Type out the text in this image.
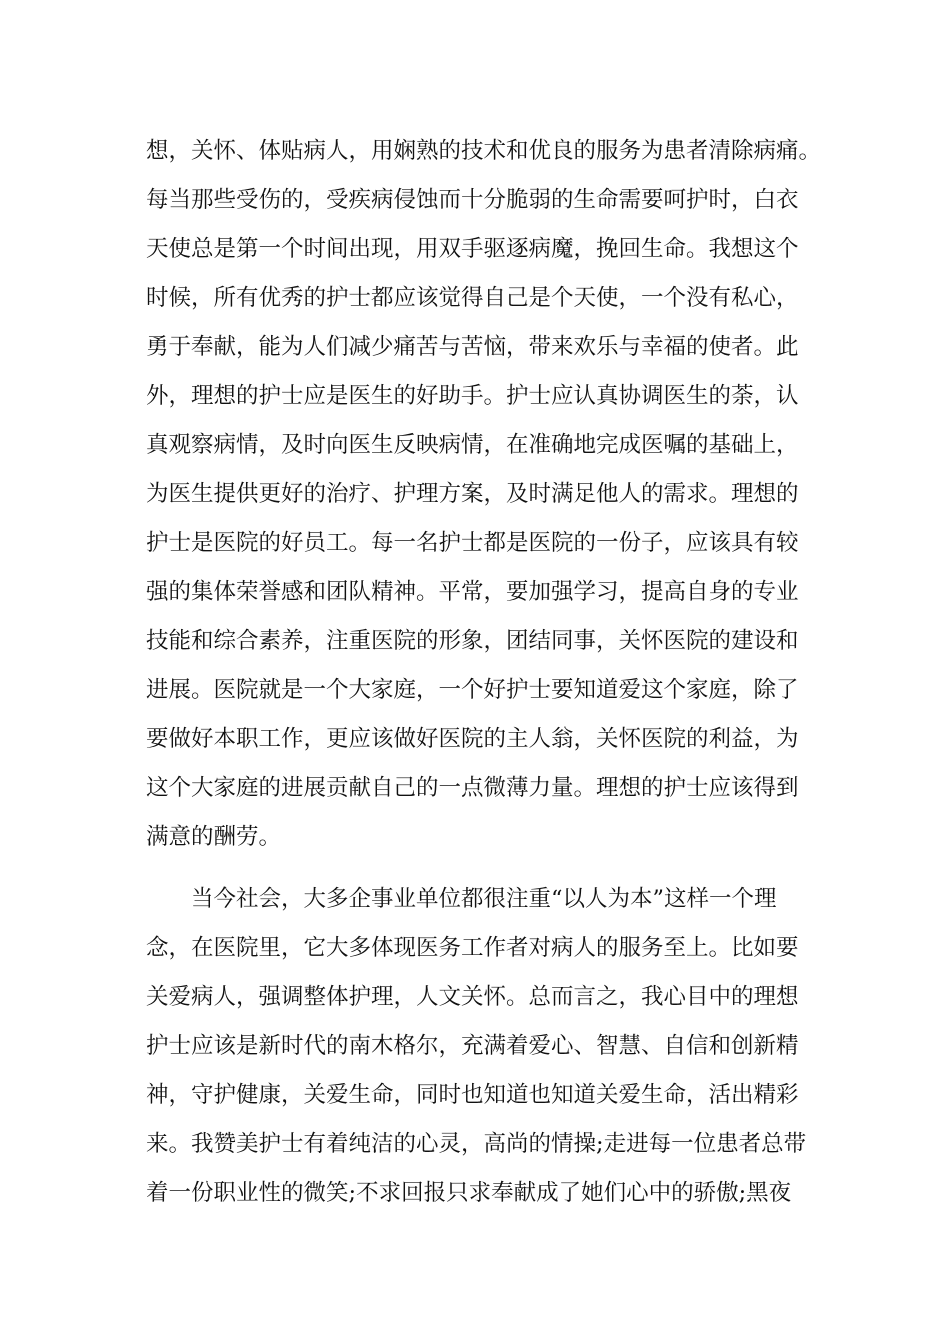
想，关怀、体贴病人，用娴熟的技术和优良的服务为患者清除病痛。
每当那些受伤的，受疾病侵蚀而十分脆弱的生命需要呵护时，白衣
天使总是第一个时间出现，用双手驱逐病魔，挽回生命。我想这个
时候，所有优秀的护士都应该觉得自己是个天使，一个没有私心，
勇于奉献，能为人们减少痛苦与苦恼，带来欢乐与幸福的使者。此
外，理想的护士应是医生的好助手。护士应认真协调医生的荼，认
真观察病情，及时向医生反映病情，在准确地完成医嘱的基础上，
为医生提供更好的治疗、护理方案，及时满足他人的需求。理想的
护士是医院的好员工。每一名护士都是医院的一份子，应该具有较
强的集体荣誉感和团队精神。平常，要加强学习，提高自身的专业
技能和综合素养，注重医院的形象，团结同事，关怀医院的建设和
进展。医院就是一个大家庭，一个好护士要知道爱这个家庭，除了
要做好本职工作，更应该做好医院的主人翁，关怀医院的利益，为
这个大家庭的进展贡献自己的一点微薄力量。理想的护士应该得到
满意的酬劳。
当今社会，大多企事业单位都很注重“以人为本”这样一个理
念，在医院里，它大多体现医务工作者对病人的服务至上。比如要
关爱病人，强调整体护理，人文关怀。总而言之，我心目中的理想
护士应该是新时代的南木格尔，充满着爱心、智慧、自信和创新精
神，守护健康，关爱生命，同时也知道也知道关爱生命，活出精彩
来。我赞美护士有着纯洁的心灵，高尚的情操;走进每一位患者总带
着一份职业性的微笑;不求回报只求奉献成了她们心中的骄傲;黑夜
